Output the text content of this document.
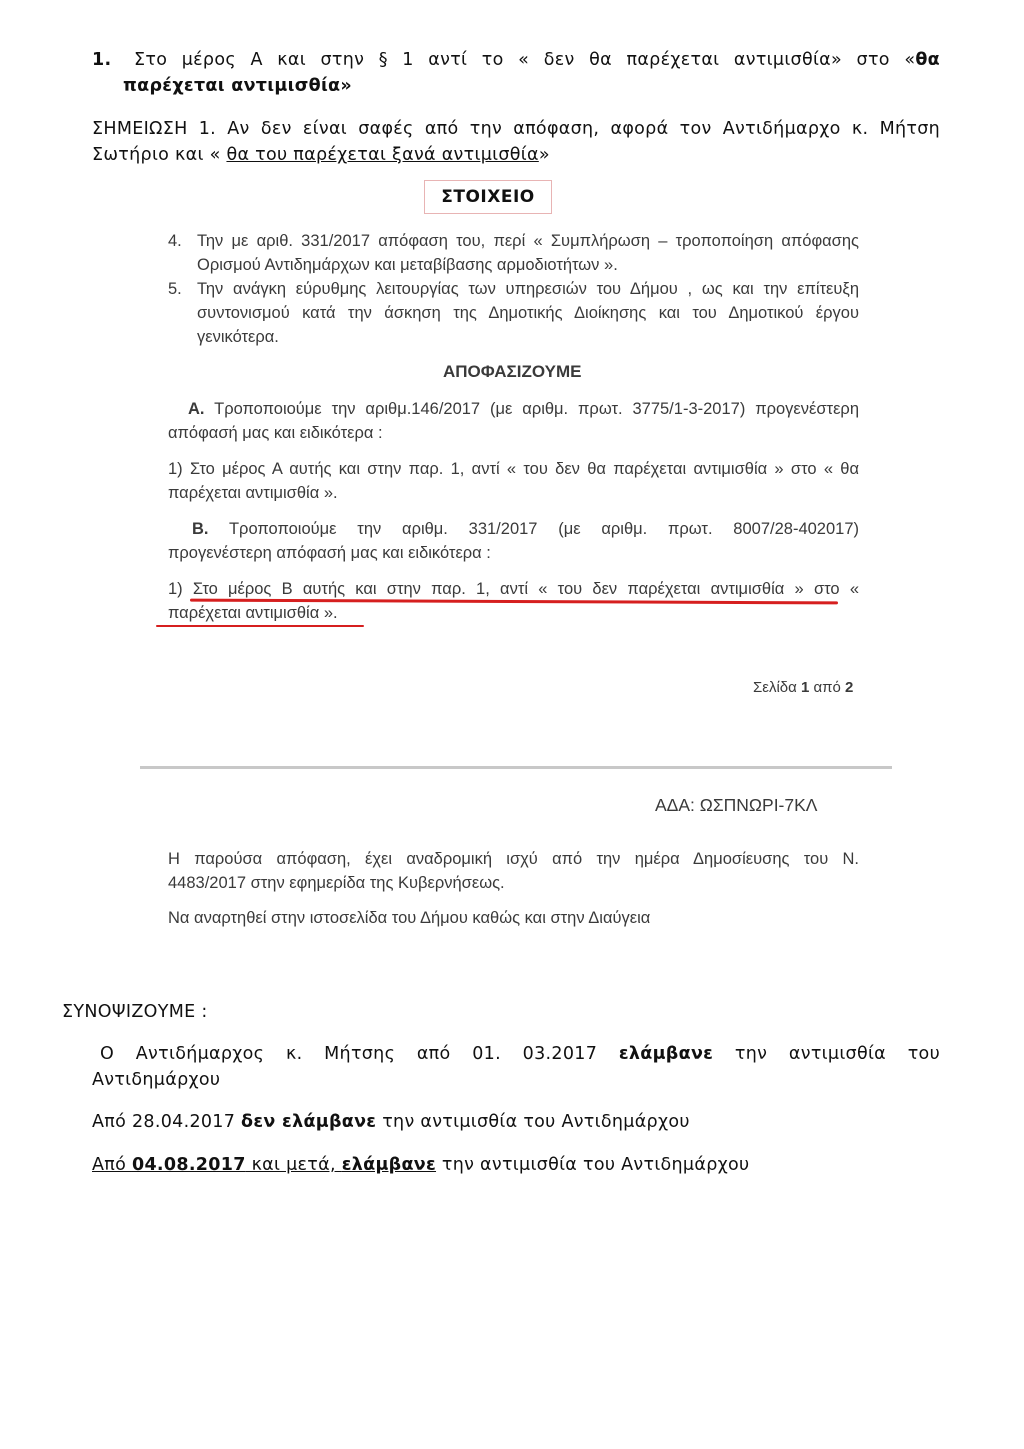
1. Στο μέρος Α και στην § 1 αντί το « δεν θα παρέχεται αντιμισθία» στο «θα
παρέχεται αντιμισθία»
ΣΗΜΕΙΩΣΗ 1. Αν δεν είναι σαφές από την απόφαση, αφορά τον Αντιδήμαρχο κ. Μήτση
Σωτήριο και « θα του παρέχεται ξανά αντιμισθία»
ΣΤΟΙΧΕΙΟ
4. Την με αριθ. 331/2017 απόφαση του, περί « Συμπλήρωση – τροποποίηση απόφασης
Ορισμού Αντιδημάρχων και μεταβίβασης αρμοδιοτήτων ».
5. Την ανάγκη εύρυθμης λειτουργίας των υπηρεσιών του Δήμου , ως και την επίτευξη
συντονισμού κατά την άσκηση της Δημοτικής Διοίκησης και του Δημοτικού έργου
γενικότερα.
ΑΠΟΦΑΣΙΖΟΥΜΕ
Α. Τροποποιούμε την αριθμ.146/2017 (με αριθμ. πρωτ. 3775/1-3-2017) προγενέστερη
απόφασή μας και ειδικότερα :
1) Στο μέρος Α αυτής και στην παρ. 1, αντί « του δεν θα παρέχεται αντιμισθία » στο « θα
παρέχεται αντιμισθία ».
Β. Τροποποιούμε την αριθμ. 331/2017 (με αριθμ. πρωτ. 8007/28-402017)
προγενέστερη απόφασή μας και ειδικότερα :
1) Στο μέρος Β αυτής και στην παρ. 1, αντί « του δεν παρέχεται αντιμισθία » στο «
παρέχεται αντιμισθία ».
Σελίδα 1 από 2
ΑΔΑ: ΩΣΠΝΩΡΙ-7ΚΛ
Η παρούσα απόφαση, έχει αναδρομική ισχύ από την ημέρα Δημοσίευσης του Ν.
4483/2017 στην εφημερίδα της Κυβερνήσεως.
Να αναρτηθεί στην ιστοσελίδα του Δήμου καθώς και στην Διαύγεια
ΣΥΝΟΨΙΖΟΥΜΕ :
Ο Αντιδήμαρχος κ. Μήτσης από 01. 03.2017 ελάμβανε την αντιμισθία του
Αντιδημάρχου
Από 28.04.2017 δεν ελάμβανε την αντιμισθία του Αντιδημάρχου
Από 04.08.2017 και μετά, ελάμβανε την αντιμισθία του Αντιδημάρχου
